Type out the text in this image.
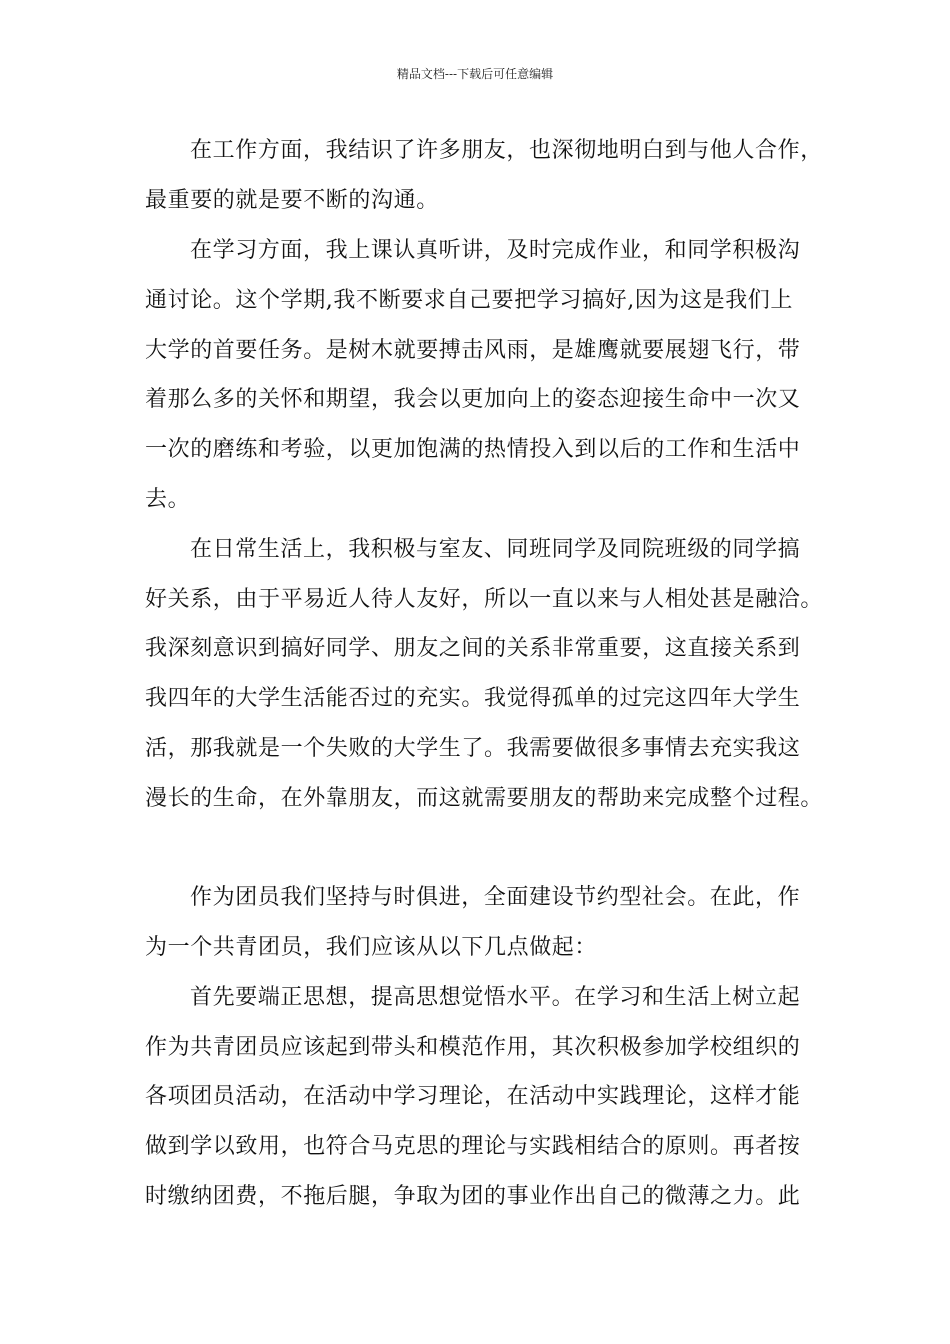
精品文档---下载后可任意编辑
在工作方面，我结识了许多朋友，也深彻地明白到与他人合作，
最重要的就是要不断的沟通。
在学习方面，我上课认真听讲，及时完成作业，和同学积极沟
通讨论。这个学期,我不断要求自己要把学习搞好,因为这是我们上
大学的首要任务。是树木就要搏击风雨，是雄鹰就要展翅飞行，带
着那么多的关怀和期望，我会以更加向上的姿态迎接生命中一次又
一次的磨练和考验，以更加饱满的热情投入到以后的工作和生活中
去。
在日常生活上，我积极与室友、同班同学及同院班级的同学搞
好关系，由于平易近人待人友好，所以一直以来与人相处甚是融洽。
我深刻意识到搞好同学、朋友之间的关系非常重要，这直接关系到
我四年的大学生活能否过的充实。我觉得孤单的过完这四年大学生
活，那我就是一个失败的大学生了。我需要做很多事情去充实我这
漫长的生命，在外靠朋友，而这就需要朋友的帮助来完成整个过程。
作为团员我们坚持与时俱进，全面建设节约型社会。在此，作
为一个共青团员，我们应该从以下几点做起：
首先要端正思想，提高思想觉悟水平。在学习和生活上树立起
作为共青团员应该起到带头和模范作用，其次积极参加学校组织的
各项团员活动，在活动中学习理论，在活动中实践理论，这样才能
做到学以致用，也符合马克思的理论与实践相结合的原则。再者按
时缴纳团费，不拖后腿，争取为团的事业作出自己的微薄之力。此
